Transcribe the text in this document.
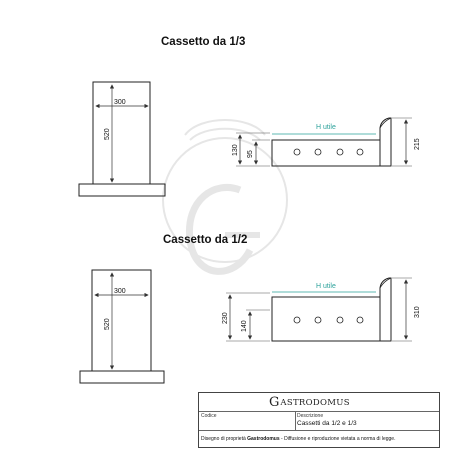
300
520
H utile
130 95
215
300
520
H utile
230
140
310
Cassetto da 1/3
Cassetto da 1/2
G ASTRODOMUS
Codice	Descrizione
Cassetti da 1/2 e 1/3
Disegno di proprietà Gastrodomus - Diffusione e riproduzione vietata a norma di legge.
